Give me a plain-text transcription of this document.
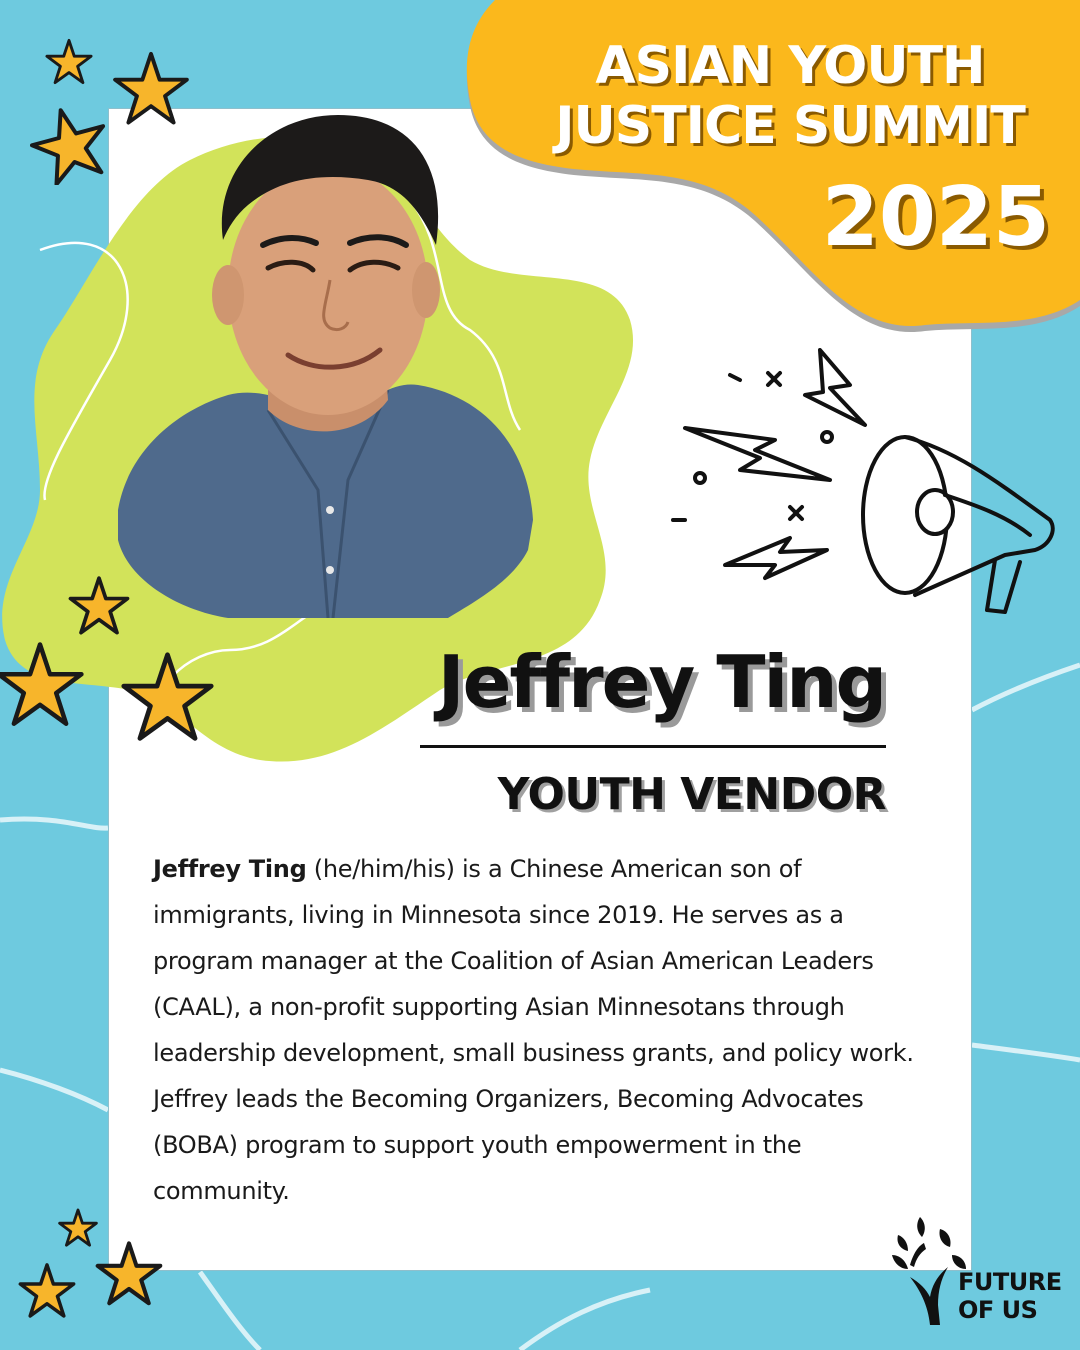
ASIAN YOUTH
JUSTICE SUMMIT
2025
Jeffrey Ting
YOUTH VENDOR

Jeffrey Ting (he/him/his) is a Chinese American son of immigrants, living in Minnesota since 2019. He serves as a program manager at the Coalition of Asian American Leaders (CAAL), a non-profit supporting Asian Minnesotans through leadership development, small business grants, and policy work. Jeffrey leads the Becoming Organizers, Becoming Advocates (BOBA) program to support youth empowerment in the community.

FUTURE
OF US
